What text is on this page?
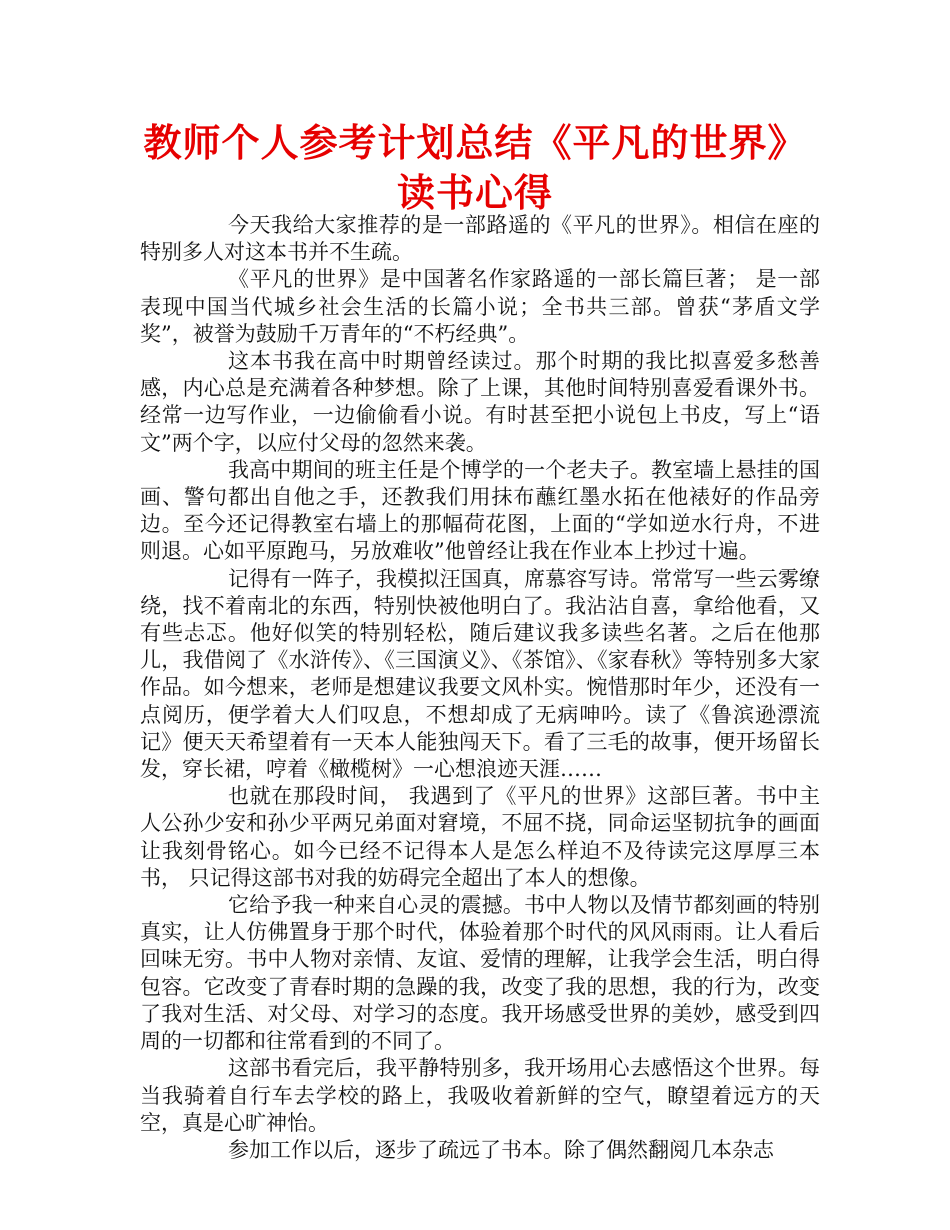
教师个人参考计划总结《平凡的世界》读书心得

今天我给大家推荐的是一部路遥的《平凡的世界》。相信在座的特别多人对这本书并不生疏。

《平凡的世界》是中国著名作家路遥的一部长篇巨著； 是一部表现中国当代城乡社会生活的长篇小说；全书共三部。曾获“茅盾文学奖”，被誉为鼓励千万青年的“不朽经典”。

这本书我在高中时期曾经读过。那个时期的我比拟喜爱多愁善感，内心总是充满着各种梦想。除了上课，其他时间特别喜爱看课外书。经常一边写作业，一边偷偷看小说。有时甚至把小说包上书皮，写上“语文”两个字，以应付父母的忽然来袭。

我高中期间的班主任是个博学的一个老夫子。教室墙上悬挂的国画、警句都出自他之手，还教我们用抹布蘸红墨水拓在他裱好的作品旁边。至今还记得教室右墙上的那幅荷花图，上面的“学如逆水行舟，不进则退。心如平原跑马，另放难收”他曾经让我在作业本上抄过十遍。

记得有一阵子，我模拟汪国真，席慕容写诗。常常写一些云雾缭绕，找不着南北的东西，特别快被他明白了。我沾沾自喜，拿给他看，又有些忐忑。他好似笑的特别轻松，随后建议我多读些名著。之后在他那儿，我借阅了《水浒传》、《三国演义》、《茶馆》、《家春秋》等特别多大家作品。如今想来，老师是想建议我要文风朴实。惋惜那时年少，还没有一点阅历，便学着大人们叹息，不想却成了无病呻吟。读了《鲁滨逊漂流记》便天天希望着有一天本人能独闯天下。看了三毛的故事，便开场留长发，穿长裙，哼着《橄榄树》一心想浪迹天涯……

也就在那段时间， 我遇到了《平凡的世界》这部巨著。书中主人公孙少安和孙少平两兄弟面对窘境，不屈不挠，同命运坚韧抗争的画面让我刻骨铭心。如今已经不记得本人是怎么样迫不及待读完这厚厚三本书， 只记得这部书对我的妨碍完全超出了本人的想像。

它给予我一种来自心灵的震撼。书中人物以及情节都刻画的特别真实，让人仿佛置身于那个时代，体验着那个时代的风风雨雨。让人看后回味无穷。书中人物对亲情、友谊、爱情的理解，让我学会生活，明白得包容。它改变了青春时期的急躁的我，改变了我的思想，我的行为，改变了我对生活、对父母、对学习的态度。我开场感受世界的美妙，感受到四周的一切都和往常看到的不同了。

这部书看完后，我平静特别多，我开场用心去感悟这个世界。每当我骑着自行车去学校的路上，我吸收着新鲜的空气，瞭望着远方的天空，真是心旷神怡。

参加工作以后，逐步了疏远了书本。除了偶然翻阅几本杂志
